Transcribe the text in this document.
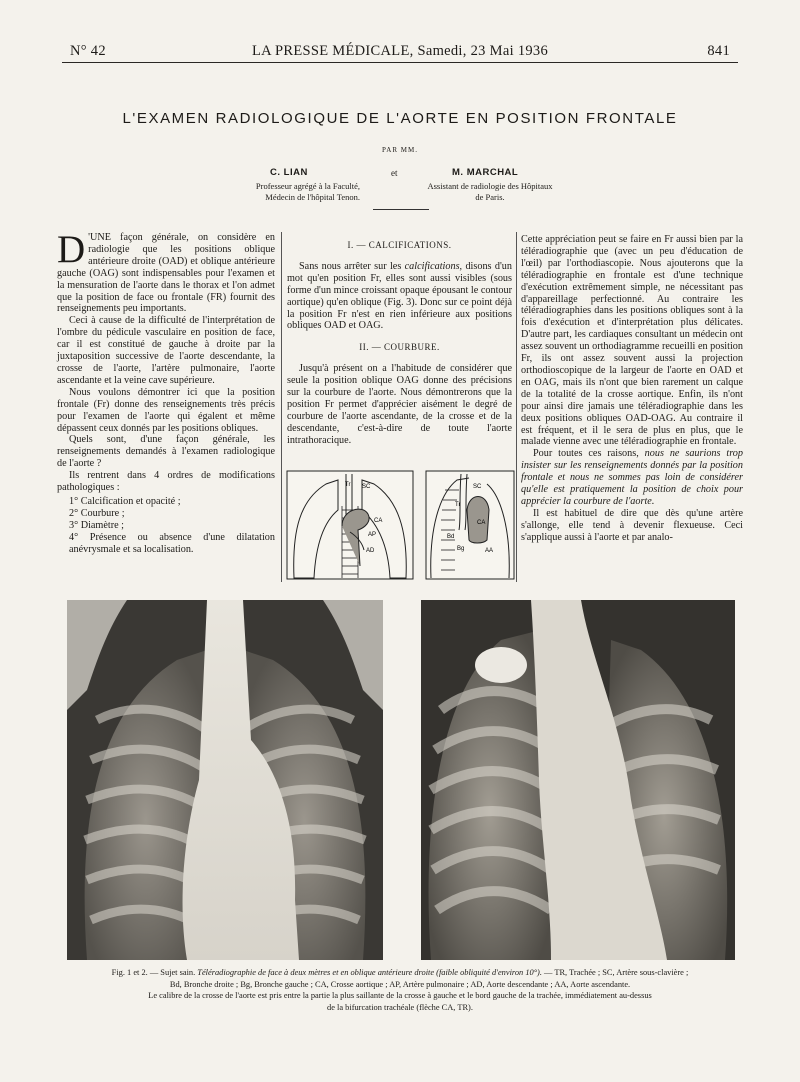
N° 42	LA PRESSE MÉDICALE, Samedi, 23 Mai 1936	841
L'EXAMEN RADIOLOGIQUE DE L'AORTE EN POSITION FRONTALE
PAR MM.
C. LIAN	et	M. MARCHAL
Professeur agrégé à la Faculté,
Médecin de l'hôpital Tenon.
Assistant de radiologie des Hôpitaux
de Paris.

D 'UNE façon générale, on considère en radiologie que les positions oblique antérieure droite (OAD) et oblique antérieure gauche (OAG) sont indispensables pour l'examen et la mensuration de l'aorte dans le thorax et l'on admet que la position de face ou frontale (FR) fournit des renseignements peu importants.

Ceci à cause de la difficulté de l'interprétation de l'ombre du pédicule vasculaire en position de face, car il est constitué de gauche à droite par la juxtaposition successive de l'aorte descendante, la crosse de l'aorte, l'artère pulmonaire, l'aorte ascendante et la veine cave supérieure.

Nous voulons démontrer ici que la position frontale (Fr) donne des renseignements très précis pour l'examen de l'aorte qui égalent et même dépassent ceux donnés par les positions obliques.

Quels sont, d'une façon générale, les renseignements demandés à l'examen radiologique de l'aorte ?

Ils rentrent dans 4 ordres de modifications pathologiques :

1° Calcification et opacité ;
2° Courbure ;
3° Diamètre ;
4° Présence ou absence d'une dilatation anévrysmale et sa localisation.
I. — CALCIFICATIONS.

Sans nous arrêter sur les calcifications, disons d'un mot qu'en position Fr, elles sont aussi visibles (sous forme d'un mince croissant opaque épousant le contour aortique) qu'en oblique (Fig. 3). Donc sur ce point déjà la position Fr n'est en rien inférieure aux positions obliques OAD et OAG.

II. — COURBURE.

Jusqu'à présent on a l'habitude de considérer que seule la position oblique OAG donne des précisions sur la courbure de l'aorte. Nous démontrerons que la position Fr permet d'apprécier aisément le degré de courbure de l'aorte ascendante, de la crosse et de la descendante, c'est-à-dire de toute l'aorte intrathoracique.

Cette appréciation peut se faire en Fr aussi bien par la téléradiographie que (avec un peu d'éducation de l'œil) par l'orthodiascopie. Nous ajouterons que la téléradiographie en frontale est d'une technique d'exécution extrêmement simple, ne nécessitant pas d'appareillage perfectionné. Au contraire les téléradiographies dans les positions obliques sont à la fois d'exécution et d'interprétation plus délicates. D'autre part, les cardiaques consultant un médecin ont assez souvent un orthodiagramme recueilli en position Fr, ils ont assez souvent aussi la projection orthodioscopique de la largeur de l'aorte en OAD et en OAG, mais ils n'ont que bien rarement un calque de la totalité de la crosse aortique. Enfin, ils n'ont pour ainsi dire jamais une téléradiographie dans les deux positions obliques OAD-OAG. Au contraire il est fréquent, et il le sera de plus en plus, que le malade vienne avec une téléradiographie en frontale.

Pour toutes ces raisons, nous ne saurions trop insister sur les renseignements donnés par la position frontale et nous ne sommes pas loin de considérer qu'elle est pratiquement la position de choix pour apprécier la courbure de l'aorte.

Il est habituel de dire que dès qu'une artère s'allonge, elle tend à devenir flexueuse. Ceci s'applique aussi à l'aorte et par analo-

Tr SC
CA
AP
AD
SC
Tr
CA
Bd
Bg	AA
Fig. 1 et 2. — Sujet sain. Téléradiographie de face à deux mètres et en oblique antérieure droite (faible obliquité d'environ 10°). — TR, Trachée ; SC, Artère sous-clavière ;
Bd, Bronche droite ; Bg, Bronche gauche ; CA, Crosse aortique ; AP, Artère pulmonaire ; AD, Aorte descendante ; AA, Aorte ascendante.
Le calibre de la crosse de l'aorte est pris entre la partie la plus saillante de la crosse à gauche et le bord gauche de la trachée, immédiatement au-dessus
de la bifurcation trachéale (flèche CA, TR).
